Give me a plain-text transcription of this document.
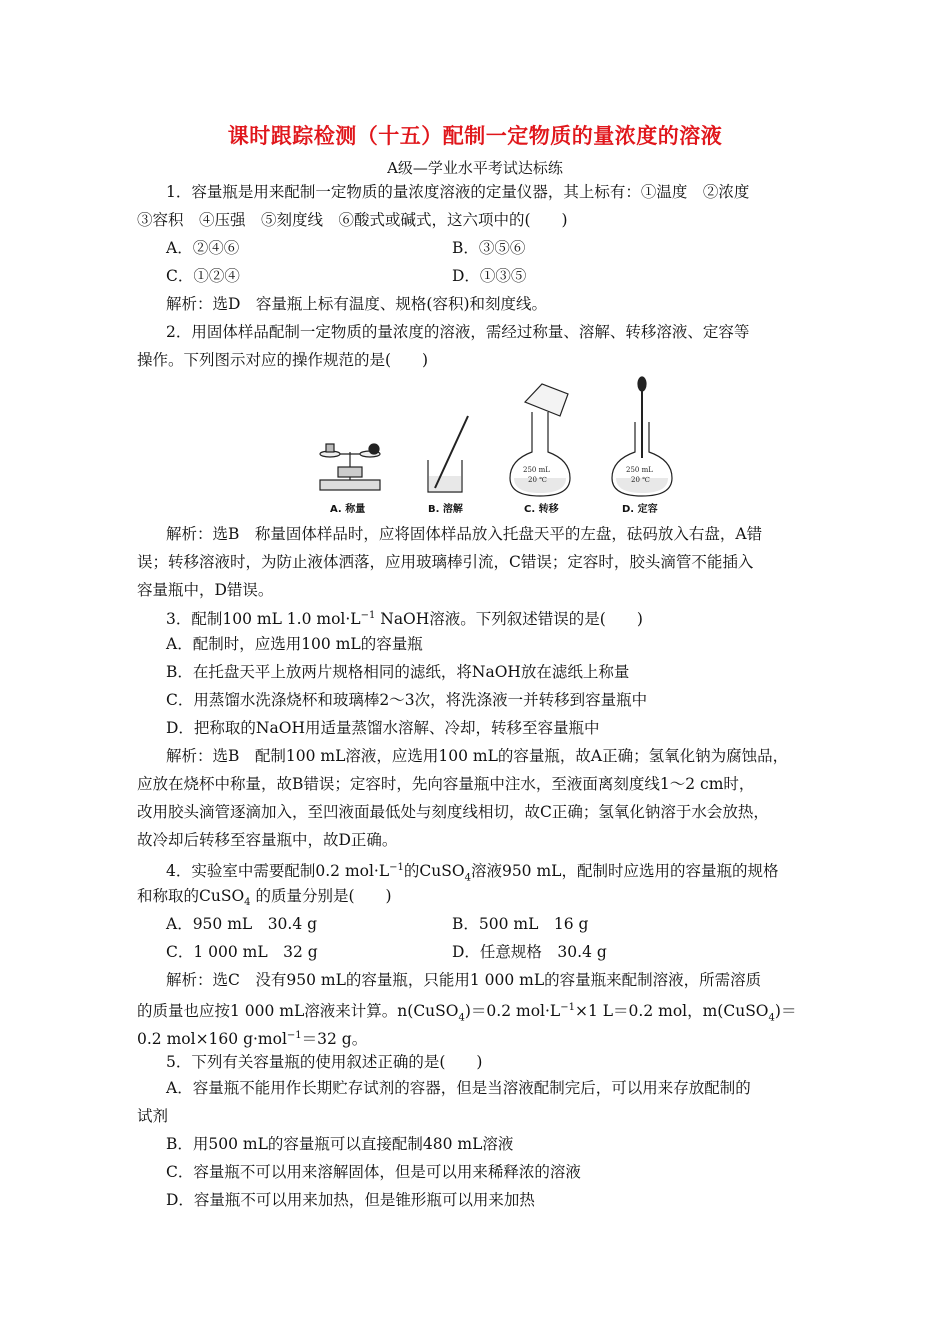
课时跟踪检测（十五）配制一定物质的量浓度的溶液
A级—学业水平考试达标练
1．容量瓶是用来配制一定物质的量浓度溶液的定量仪器，其上标有：①温度　②浓度
③容积　④压强　⑤刻度线　⑥酸式或碱式，这六项中的(　　)
A．②④⑥	B．③⑤⑥
C．①②④	D．①③⑤
解析：选D　容量瓶上标有温度、规格(容积)和刻度线。
2．用固体样品配制一定物质的量浓度的溶液，需经过称量、溶解、转移溶液、定容等
操作。下列图示对应的操作规范的是(　　)
250 mL
20 ℃
250 mL
20 ℃
A. 称量	B. 溶解	C. 转移	D. 定容
解析：选B　称量固体样品时，应将固体样品放入托盘天平的左盘，砝码放入右盘，A错
误；转移溶液时，为防止液体洒落，应用玻璃棒引流，C错误；定容时，胶头滴管不能插入
容量瓶中，D错误。
3．配制100 mL 1.0 $mol\cdot L^{-1}$ NaOH溶液。下列叙述错误的是(　　)
A．配制时，应选用100 mL的容量瓶
B．在托盘天平上放两片规格相同的滤纸，将NaOH放在滤纸上称量
C．用蒸馏水洗涤烧杯和玻璃棒2～3次，将洗涤液一并转移到容量瓶中
D．把称取的NaOH用适量蒸馏水溶解、冷却，转移至容量瓶中
解析：选B　配制100 mL溶液，应选用100 mL的容量瓶，故A正确；氢氧化钠为腐蚀品，
应放在烧杯中称量，故B错误；定容时，先向容量瓶中注水，至液面离刻度线1～2 cm时，
改用胶头滴管逐滴加入，至凹液面最低处与刻度线相切，故C正确；氢氧化钠溶于水会放热，
故冷却后转移至容量瓶中，故D正确。
4．实验室中需要配制0.2 $mol\cdot L^{-1}$的CuSO$_4$溶液950 mL，配制时应选用的容量瓶的规格
和称取的CuSO$_4$ 的质量分别是(　　)
A．950 mL　30.4 g	B．500 mL　16 g
C．1 000 mL　32 g	D．任意规格　30.4 g
解析：选C　没有950 mL的容量瓶，只能用1 000 mL的容量瓶来配制溶液，所需溶质
的质量也应按1 000 mL溶液来计算。n(CuSO$_4$)＝0.2 $mol\cdot L^{-1}\times 1$ L＝0.2 mol，m(CuSO$_4$)＝
0.2 mol×160 g·mol$^{-1}$＝32 g。
5．下列有关容量瓶的使用叙述正确的是(　　)
A．容量瓶不能用作长期贮存试剂的容器，但是当溶液配制完后，可以用来存放配制的
试剂
B．用500 mL的容量瓶可以直接配制480 mL溶液
C．容量瓶不可以用来溶解固体，但是可以用来稀释浓的溶液
D．容量瓶不可以用来加热，但是锥形瓶可以用来加热
